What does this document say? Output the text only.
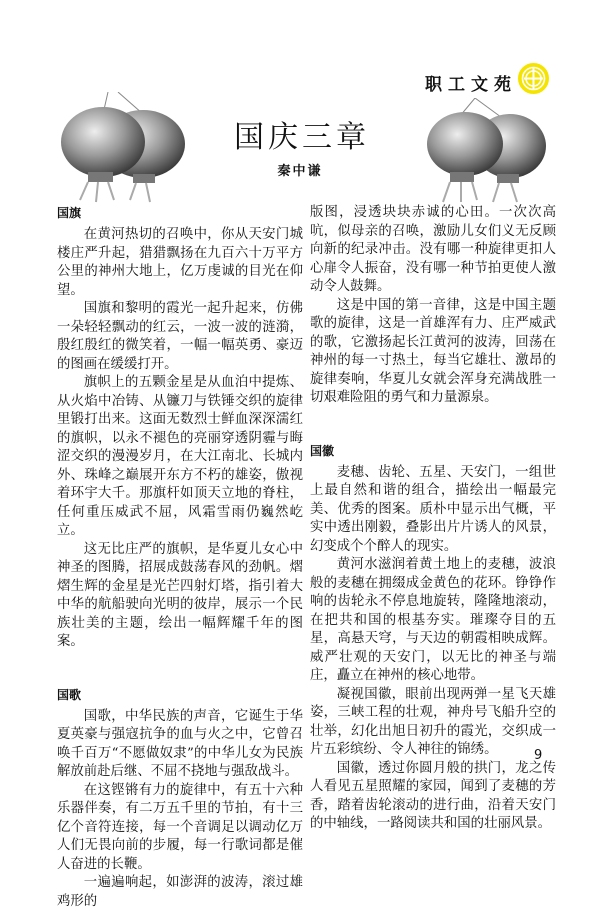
职工文苑
国庆三章
秦中谦
国旗

在黄河热切的召唤中，你从天安门城楼庄严升起，猎猎飘扬在九百六十万平方公里的神州大地上，亿万虔诚的目光在仰望。

国旗和黎明的霞光一起升起来，仿佛一朵轻轻飘动的红云，一波一波的涟漪，殷红殷红的微笑着，一幅一幅英勇、豪迈的图画在缓缓打开。

旗帜上的五颗金星是从血泊中提炼、从火焰中冶铸、从镰刀与铁锤交织的旋律里锻打出来。这面无数烈士鲜血深深濡红的旗帜，以永不褪色的亮丽穿透阴霾与晦涩交织的漫漫岁月，在大江南北、长城内外、珠峰之巅展开东方不朽的雄姿，傲视着环宇大千。那旗杆如顶天立地的脊柱，任何重压威武不屈，风霜雪雨仍巍然屹立。

这无比庄严的旗帜，是华夏儿女心中神圣的图腾，招展成鼓荡春风的劲帆。熠熠生辉的金星是光芒四射灯塔，指引着大中华的航船驶向光明的彼岸，展示一个民族壮美的主题，绘出一幅辉耀千年的图案。

国歌

国歌，中华民族的声音，它诞生于华夏英豪与强寇抗争的血与火之中，它曾召唤千百万“不愿做奴隶”的中华儿女为民族解放前赴后继、不屈不挠地与强敌战斗。

在这铿锵有力的旋律中，有五十六种乐器伴奏，有二万五千里的节拍，有十三亿个音符连接，每一个音调足以调动亿万人们无畏向前的步履，每一行歌词都是催人奋进的长鞭。

一遍遍响起，如澎湃的波涛，滚过雄鸡形的

版图，浸透块块赤诚的心田。一次次高吭，似母亲的召唤，激励儿女们义无反顾向新的纪录冲击。没有哪一种旋律更扣人心扉令人振奋，没有哪一种节拍更使人激动令人鼓舞。

这是中国的第一音律，这是中国主题歌的旋律，这是一首雄浑有力、庄严威武的歌，它激扬起长江黄河的波涛，回荡在神州的每一寸热土，每当它雄壮、激昂的旋律奏响，华夏儿女就会浑身充满战胜一切艰难险阻的勇气和力量源泉。

国徽

麦穗、齿轮、五星、天安门，一组世上最自然和谐的组合，描绘出一幅最完美、优秀的图案。质朴中显示出气概，平实中透出刚毅，叠影出片片诱人的风景，幻变成个个醉人的现实。

黄河水滋润着黄土地上的麦穗，波浪般的麦穗在拥缀成金黄色的花环。铮铮作响的齿轮永不停息地旋转，隆隆地滚动，在把共和国的根基夯实。璀璨夺目的五星，高悬天穹，与天边的朝霞相映成辉。威严壮观的天安门，以无比的神圣与端庄，矗立在神州的核心地带。

凝视国徽，眼前出现两弹一星飞天雄姿，三峡工程的壮观，神舟号飞船升空的壮举，幻化出旭日初升的霞光，交织成一片五彩缤纷、令人神往的锦绣。

国徽，透过你圆月般的拱门，龙之传人看见五星照耀的家园，闻到了麦穗的芳香，踏着齿轮滚动的进行曲，沿着天安门的中轴线，一路阅读共和国的壮丽风景。

9
